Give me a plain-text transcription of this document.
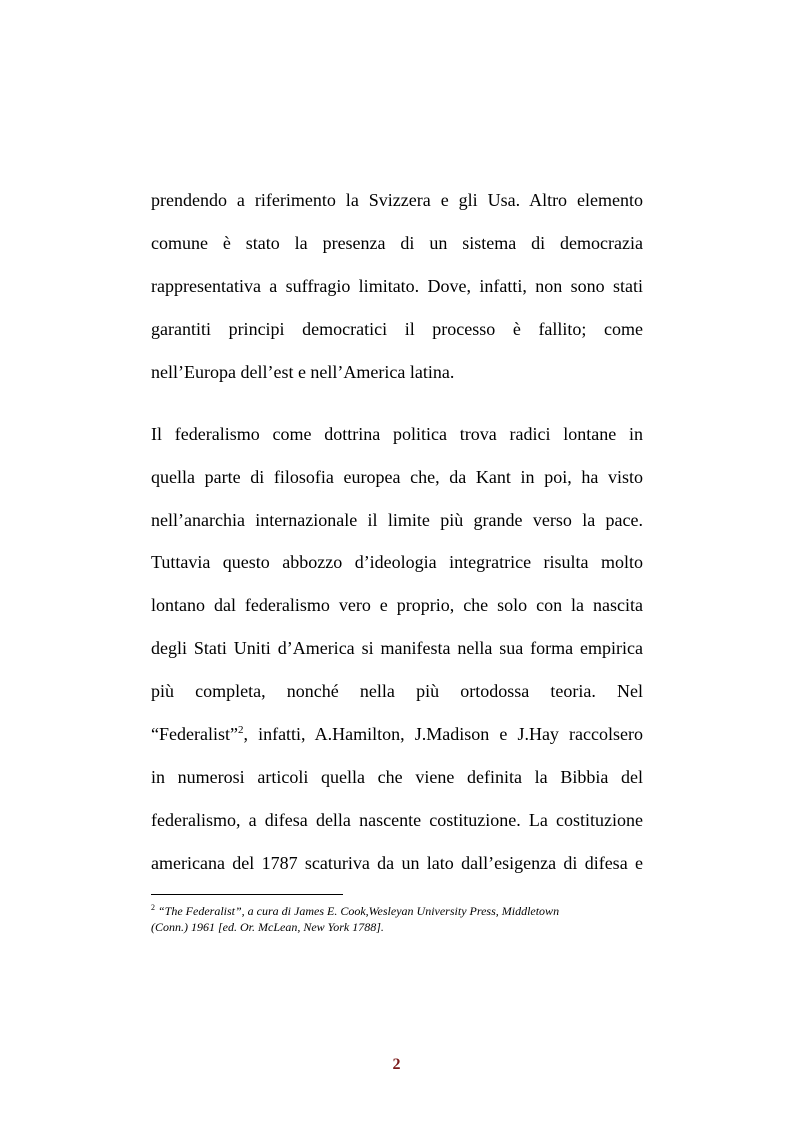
prendendo a riferimento la Svizzera e gli Usa. Altro elemento
comune è stato la presenza di un sistema di democrazia
rappresentativa a suffragio limitato. Dove, infatti, non sono stati
garantiti principi democratici il processo è fallito; come
nell’Europa dell’est e nell’America latina.
Il federalismo come dottrina politica trova radici lontane in
quella parte di filosofia europea che, da Kant in poi, ha visto
nell’anarchia internazionale il limite più grande verso la pace.
Tuttavia questo abbozzo d’ideologia integratrice risulta molto
lontano dal federalismo vero e proprio, che solo con la nascita
degli Stati Uniti d’America si manifesta nella sua forma empirica
più completa, nonché nella più ortodossa teoria. Nel
“Federalist”$^2$, infatti, A.Hamilton, J.Madison e J.Hay raccolsero
in numerosi articoli quella che viene definita la Bibbia del
federalismo, a difesa della nascente costituzione. La costituzione
americana del 1787 scaturiva da un lato dall’esigenza di difesa e
$^2$ “The Federalist”, a cura di James E. Cook,Wesleyan University Press, Middletown
(Conn.) 1961 [ed. Or. McLean, New York 1788].
2
